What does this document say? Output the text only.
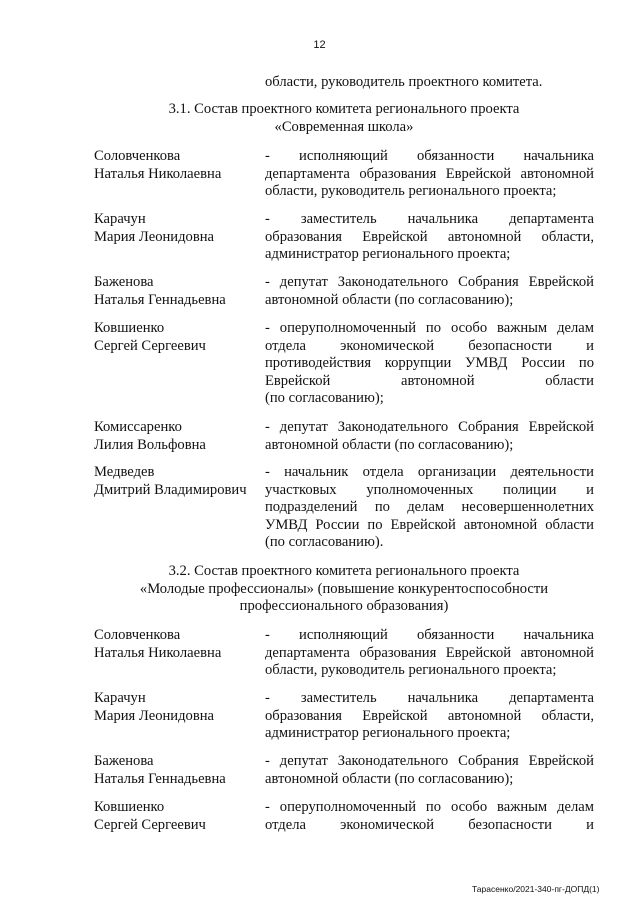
12
области, руководитель проектного комитета.

3.1. Состав проектного комитета регионального проекта

«Современная школа»

Соловченкова
Наталья Николаевна
- исполняющий обязанности начальника
департамента образования Еврейской автономной
области, руководитель регионального проекта;
Карачун
Мария Леонидовна
- заместитель начальника департамента
образования Еврейской автономной области,
администратор регионального проекта;
Баженова
Наталья Геннадьевна
- депутат Законодательного Собрания Еврейской
автономной области (по согласованию);
Ковшиенко
Сергей Сергеевич
- оперуполномоченный по особо важным делам
отдела экономической безопасности и
противодействия коррупции УМВД России по
Еврейской автономной области
(по согласованию);
Комиссаренко
Лилия Вольфовна
- депутат Законодательного Собрания Еврейской
автономной области (по согласованию);
Медведев
Дмитрий Владимирович
- начальник отдела организации деятельности
участковых уполномоченных полиции и
подразделений по делам несовершеннолетних
УМВД России по Еврейской автономной области
(по согласованию).

3.2. Состав проектного комитета регионального проекта

«Молодые профессионалы» (повышение конкурентоспособности

профессионального образования)

Соловченкова
Наталья Николаевна
- исполняющий обязанности начальника
департамента образования Еврейской автономной
области, руководитель регионального проекта;
Карачун
Мария Леонидовна
- заместитель начальника департамента
образования Еврейской автономной области,
администратор регионального проекта;
Баженова
Наталья Геннадьевна
- депутат Законодательного Собрания Еврейской
автономной области (по согласованию);
Ковшиенко
Сергей Сергеевич
- оперуполномоченный по особо важным делам
отдела экономической безопасности и
Тарасенко/2021-340-пг-ДОПД(1)
